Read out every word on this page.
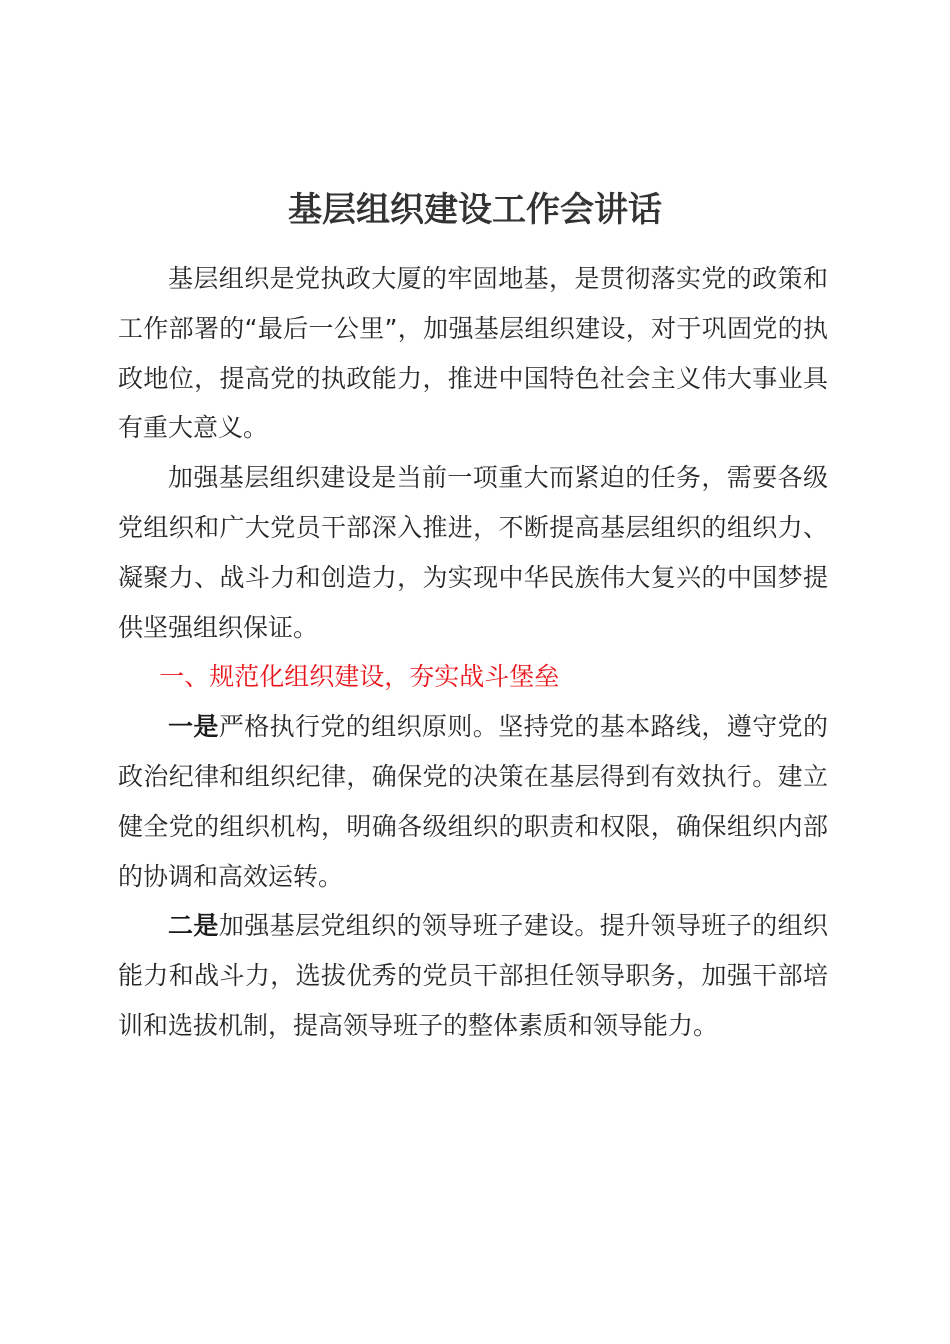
基层组织建设工作会讲话

基层组织是党执政大厦的牢固地基，是贯彻落实党的政策和工作部署的“最后一公里”，加强基层组织建设，对于巩固党的执政地位，提高党的执政能力，推进中国特色社会主义伟大事业具有重大意义。

加强基层组织建设是当前一项重大而紧迫的任务，需要各级党组织和广大党员干部深入推进，不断提高基层组织的组织力、凝聚力、战斗力和创造力，为实现中华民族伟大复兴的中国梦提供坚强组织保证。

一、规范化组织建设，夯实战斗堡垒

一是严格执行党的组织原则。坚持党的基本路线，遵守党的政治纪律和组织纪律，确保党的决策在基层得到有效执行。建立健全党的组织机构，明确各级组织的职责和权限，确保组织内部的协调和高效运转。

二是加强基层党组织的领导班子建设。提升领导班子的组织能力和战斗力，选拔优秀的党员干部担任领导职务，加强干部培训和选拔机制，提高领导班子的整体素质和领导能力。
